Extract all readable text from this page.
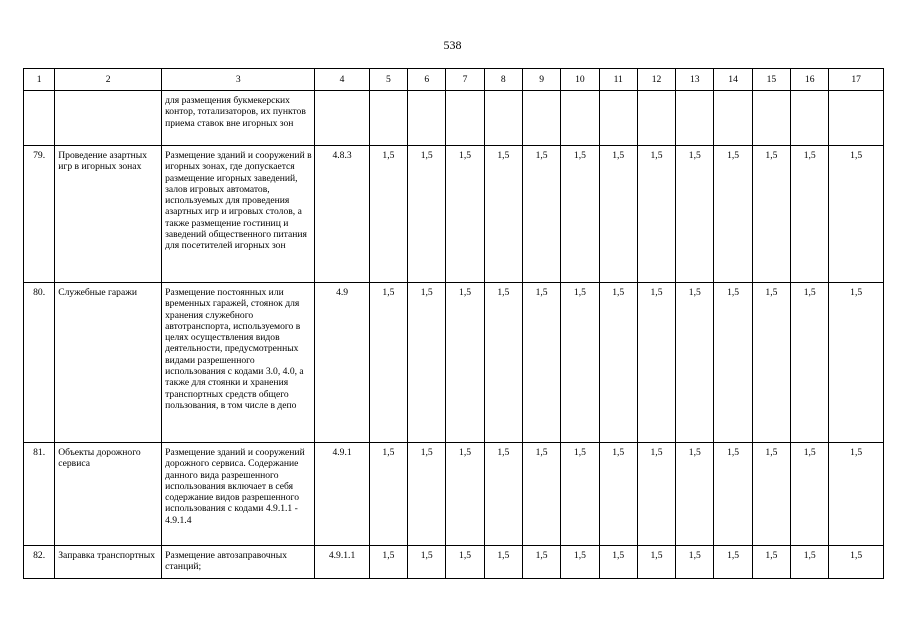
538
1	2	3	4	5	6	7	8	9	10	11	12	13	14	15	16	17
		для размещения букмекерских контор, тотализаторов, их пунктов приема ставок вне игорных зон														
79.	Проведение азартных игр в игорных зонах	Размещение зданий и сооружений в игорных зонах, где допускается размещение игорных заведений, залов игровых автоматов, используемых для проведения азартных игр и игровых столов, а также размещение гостиниц и заведений общественного питания для посетителей игорных зон	4.8.3	1,5	1,5	1,5	1,5	1,5	1,5	1,5	1,5	1,5	1,5	1,5	1,5	1,5
80.	Служебные гаражи	Размещение постоянных или временных гаражей, стоянок для хранения служебного автотранспорта, используемого в целях осуществления видов деятельности, предусмотренных видами разрешенного использования с кодами 3.0, 4.0, а также для стоянки и хранения транспортных средств общего пользования, в том числе в депо	4.9	1,5	1,5	1,5	1,5	1,5	1,5	1,5	1,5	1,5	1,5	1,5	1,5	1,5
81.	Объекты дорожного сервиса	Размещение зданий и сооружений дорожного сервиса. Содержание данного вида разрешенного использования включает в себя содержание видов разрешенного использования с кодами 4.9.1.1 - 4.9.1.4	4.9.1	1,5	1,5	1,5	1,5	1,5	1,5	1,5	1,5	1,5	1,5	1,5	1,5	1,5
82.	Заправка транспортных	Размещение автозаправочных станций;	4.9.1.1	1,5	1,5	1,5	1,5	1,5	1,5	1,5	1,5	1,5	1,5	1,5	1,5	1,5
